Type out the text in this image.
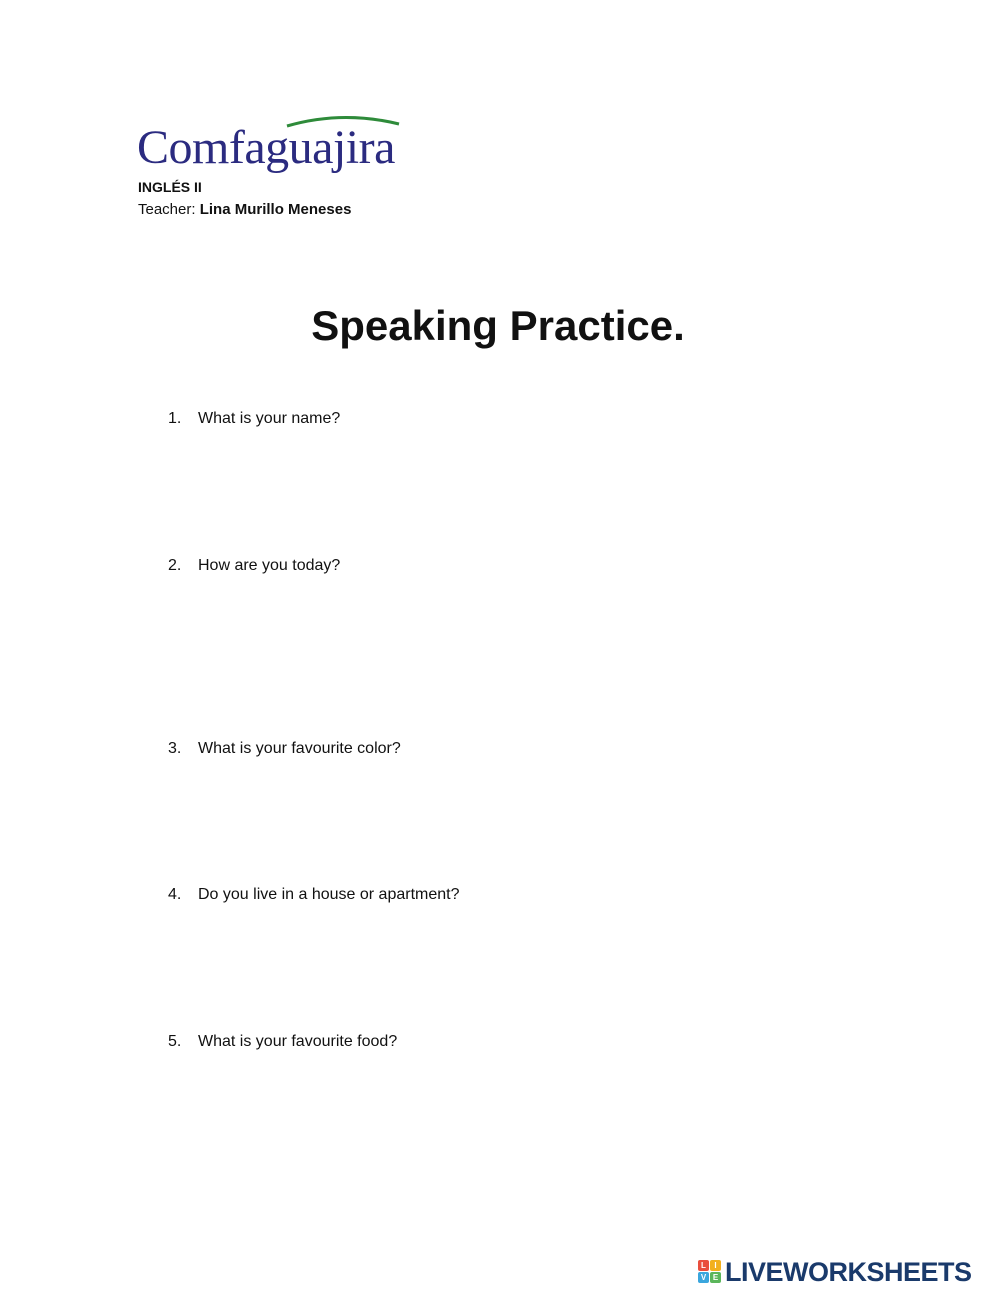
Comfaguajira
INGLÉS II
Teacher: Lina Murillo Meneses
Speaking Practice.
1. What is your name?
2. How are you today?
3. What is your favourite color?
4. Do you live in a house or apartment?
5. What is your favourite food?
L	I
V E LIVEWORKSHEETS
